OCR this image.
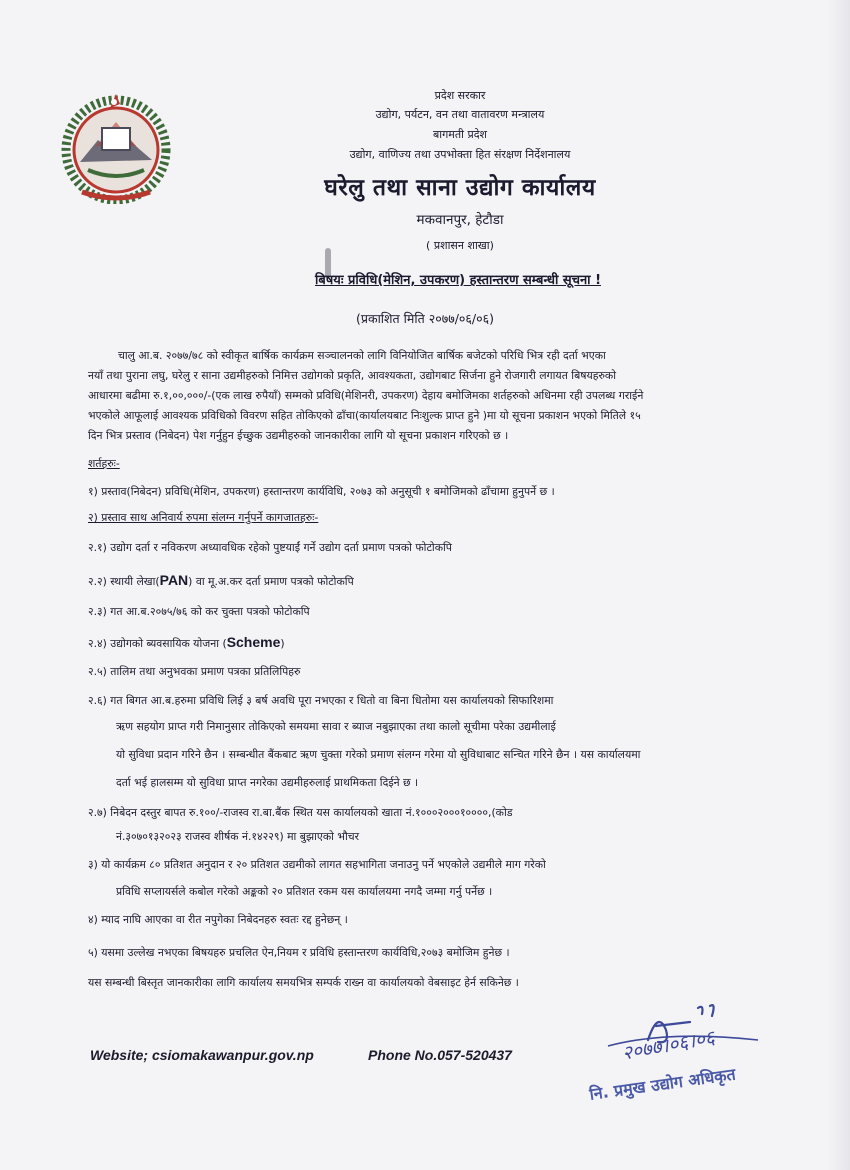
प्रदेश सरकार
उद्योग, पर्यटन, वन तथा वातावरण मन्त्रालय
बागमती प्रदेश
उद्योग, वाणिज्य तथा उपभोक्ता हित संरक्षण निर्देशनालय
घरेलु तथा साना उद्योग कार्यालय
मकवानपुर, हेटौडा
( प्रशासन शाखा)
बिषयः प्रविधि(मेशिन, उपकरण) हस्तान्तरण सम्बन्धी सूचना !
(प्रकाशित मिति २०७७/०६/०६)
चालु आ.ब. २०७७/७८ को स्वीकृत बार्षिक कार्यक्रम सञ्चालनको लागि विनियोजित बार्षिक बजेटको परिधि भित्र रही दर्ता भएका
नयाँ तथा पुराना लघु, घरेलु र साना उद्यमीहरुको निमित्त उद्योगको प्रकृति, आवश्यकता, उद्योगबाट सिर्जना हुने रोजगारी लगायत बिषयहरुको
आधारमा बढीमा रु.१,००,०००/-(एक लाख रुपैयाँ) सम्मको प्रविधि(मेशिनरी, उपकरण) देहाय बमोजिमका शर्तहरुको अधिनमा रही उपलब्ध गराईने
भएकोले आफूलाई आवश्यक प्रविधिको विवरण सहित तोकिएको ढाँचा(कार्यालयबाट निःशुल्क प्राप्त हुने )मा यो सूचना प्रकाशन भएको मितिले १५
दिन भित्र प्रस्ताव (निबेदन) पेश गर्नुहुन ईच्छुक उद्यमीहरुको जानकारीका लागि यो सूचना प्रकाशन गरिएको छ ।
शर्तहरुः-
१) प्रस्ताव(निबेदन) प्रविधि(मेशिन, उपकरण) हस्तान्तरण कार्यविधि, २०७३ को अनुसूची १ बमोजिमको ढाँचामा हुनुपर्ने छ ।
२) प्रस्ताव साथ अनिवार्य रुपमा संलग्न गर्नुपर्ने कागजातहरुः-
२.१) उद्योग दर्ता र नविकरण अध्यावधिक रहेको पुष्टयाईं गर्ने उद्योग दर्ता प्रमाण पत्रको फोटोकपि
२.२) स्थायी लेखा(PAN) वा मू.अ.कर दर्ता प्रमाण पत्रको फोटोकपि
२.३) गत आ.ब.२०७५/७६ को कर चुक्ता पत्रको फोटोकपि
२.४) उद्योगको ब्यवसायिक योजना (Scheme)
२.५) तालिम तथा अनुभवका प्रमाण पत्रका प्रतिलिपिहरु
२.६) गत बिगत आ.ब.हरुमा प्रविधि लिई ३ बर्ष अवधि पूरा नभएका र धितो वा बिना धितोमा यस कार्यालयको सिफारिशमा
ऋण सहयोग प्राप्त गरी निमानुसार तोकिएको समयमा सावा र ब्याज नबुझाएका तथा कालो सूचीमा परेका उद्यमीलाई
यो सुविधा प्रदान गरिने छैन । सम्बन्धीत बैंकबाट ऋण चुक्ता गरेको प्रमाण संलग्न गरेमा यो सुविधाबाट सन्चित गरिने छैन । यस कार्यालयमा
दर्ता भई हालसम्म यो सुविधा प्राप्त नगरेका उद्यमीहरुलाई प्राथमिकता दिईने छ ।
२.७) निबेदन दस्तुर बापत रु.१००/-राजस्व रा.बा.बैंक स्थित यस कार्यालयको खाता नं.१०००२०००१००००,(कोड
नं.३०७०१३२०२३ राजस्व शीर्षक नं.१४२२९) मा बुझाएको भौचर
३) यो कार्यक्रम ८० प्रतिशत अनुदान र २० प्रतिशत उद्यमीको लागत सहभागिता जनाउनु पर्ने भएकोले उद्यमीले माग गरेको
प्रविधि सप्लायर्सले कबोल गरेको अङ्कको २० प्रतिशत रकम यस कार्यालयमा नगदै जम्मा गर्नु पर्नेछ ।
४) म्याद नाघि आएका वा रीत नपुगेका निबेदनहरु स्वतः रद्द हुनेछन् ।
५) यसमा उल्लेख नभएका बिषयहरु प्रचलित ऐन,नियम र प्रविधि हस्तान्तरण कार्यविधि,२०७३ बमोजिम हुनेछ ।
यस सम्बन्धी बिस्तृत जानकारीका लागि कार्यालय समयभित्र सम्पर्क राख्न वा कार्यालयको वेबसाइट हेर्न सकिनेछ ।
Website; csiomakawanpur.gov.np	Phone No.057-520437	२०७७।०६।०६
नि. प्रमुख उद्योग अधिकृत
